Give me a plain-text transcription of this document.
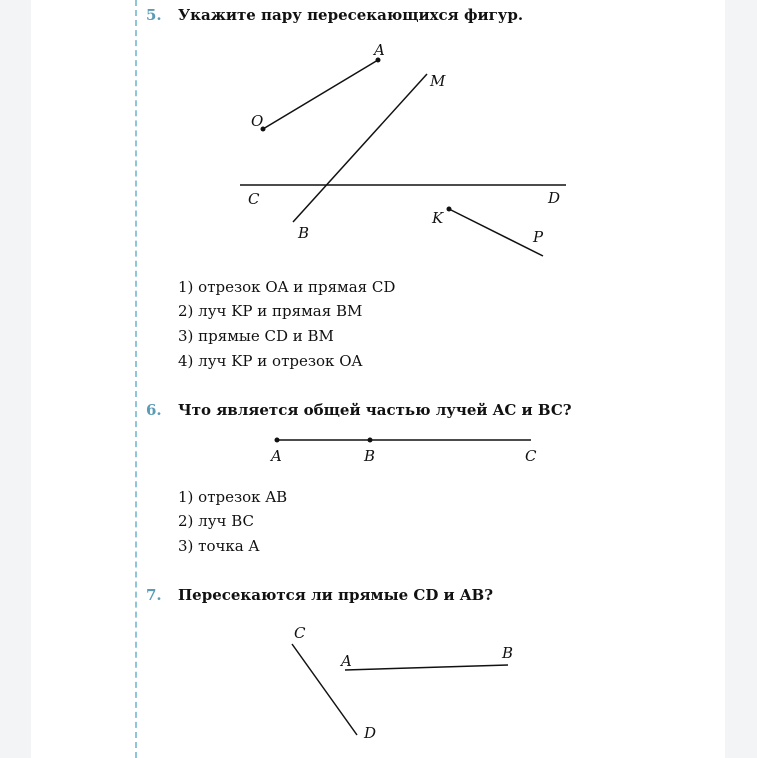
5. Укажите пару пересекающихся фигур.
A
O
M
C	D
B
K
P
A	B	C
C
A	B
D
1) отрезок OA и прямая CD
2) луч KP и прямая BM
3) прямые CD и BM
4) луч KP и отрезок OA
6. Что является общей частью лучей AC и BC?
1) отрезок AB
2) луч BC
3) точка A
7. Пересекаются ли прямые CD и AB?
